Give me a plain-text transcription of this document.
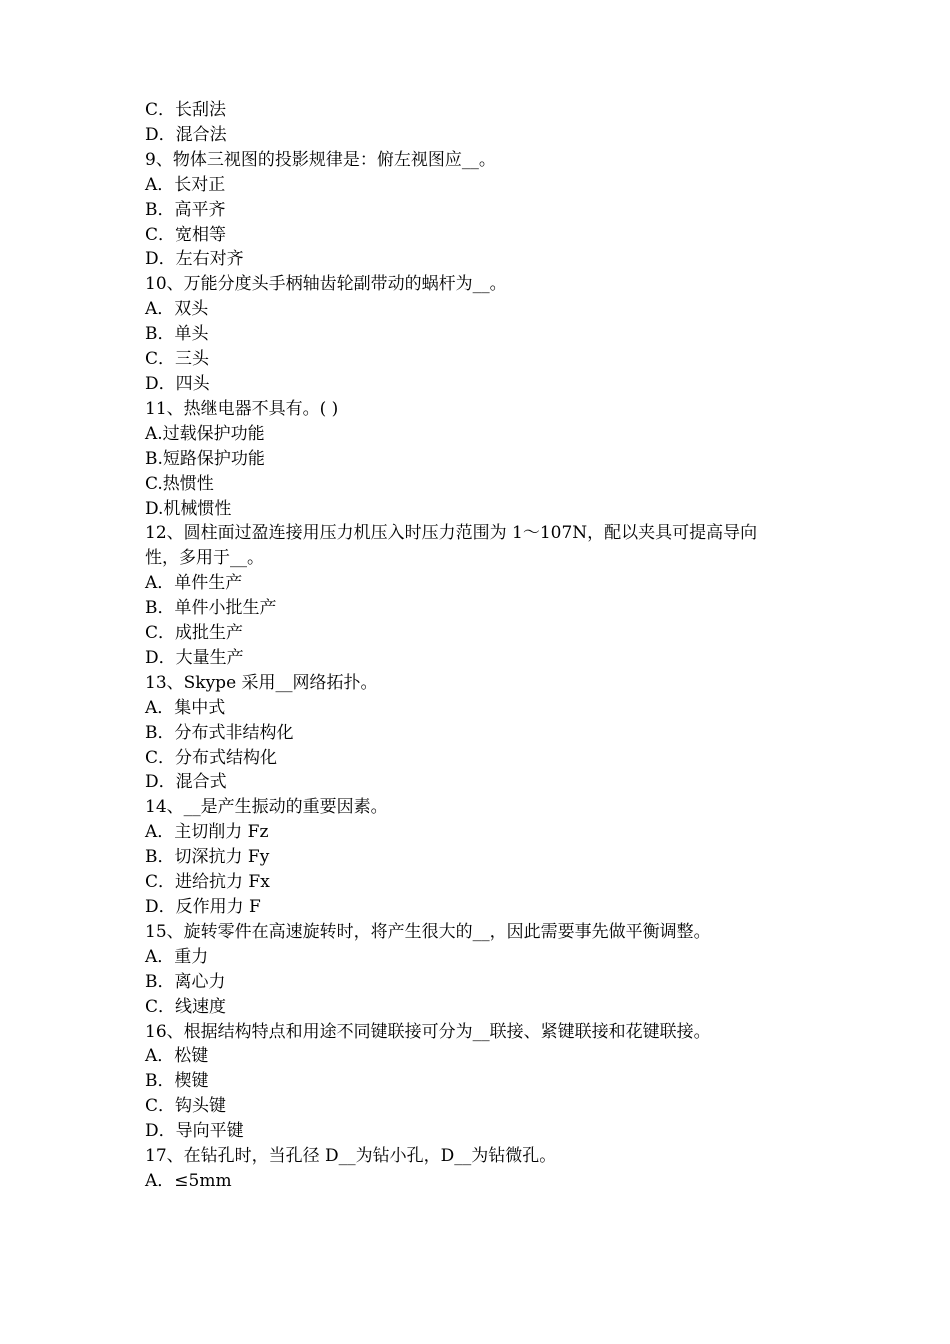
C．长刮法

D．混合法

9、物体三视图的投影规律是：俯左视图应__。

A．长对正

B．高平齐

C．宽相等

D．左右对齐

10、万能分度头手柄轴齿轮副带动的蜗杆为__。

A．双头

B．单头

C．三头

D．四头

11、热继电器不具有。( )

A.过载保护功能

B.短路保护功能

C.热惯性

D.机械惯性

12、圆柱面过盈连接用压力机压入时压力范围为 1～107N，配以夹具可提高导向

性，多用于__。

A．单件生产

B．单件小批生产

C．成批生产

D．大量生产

13、Skype 采用__网络拓扑。

A．集中式

B．分布式非结构化

C．分布式结构化

D．混合式

14、__是产生振动的重要因素。

A．主切削力 Fz

B．切深抗力 Fy

C．进给抗力 Fx

D．反作用力 F

15、旋转零件在高速旋转时，将产生很大的__，因此需要事先做平衡调整。

A．重力

B．离心力

C．线速度

16、根据结构特点和用途不同键联接可分为__联接、紧键联接和花键联接。

A．松键

B．楔键

C．钩头键

D．导向平键

17、在钻孔时，当孔径 D__为钻小孔，D__为钻微孔。

A．≤5mm
